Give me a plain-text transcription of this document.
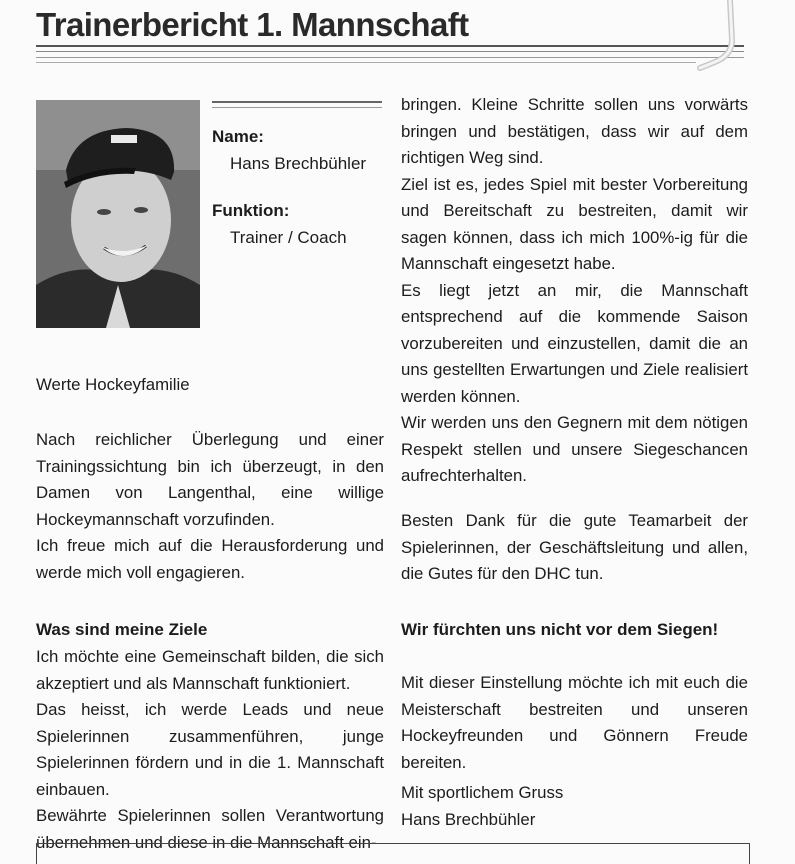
Trainerbericht 1. Mannschaft
Name:
Hans Brechbühler
Funktion:
Trainer / Coach

Werte Hockeyfamilie

Nach reichlicher Überlegung und einer Trainingssichtung bin ich überzeugt, in den Damen von Langenthal, eine willige Hockeymannschaft vorzufinden.

Ich freue mich auf die Herausforderung und werde mich voll engagieren.

Was sind meine Ziele

Ich möchte eine Gemeinschaft bilden, die sich akzeptiert und als Mannschaft funktioniert.

Das heisst, ich werde Leads und neue Spielerinnen zusammenführen, junge Spielerinnen fördern und in die 1. Mannschaft einbauen.

Bewährte Spielerinnen sollen Verantwortung übernehmen und diese in die Mannschaft ein-

bringen. Kleine Schritte sollen uns vorwärts bringen und bestätigen, dass wir auf dem richtigen Weg sind.

Ziel ist es, jedes Spiel mit bester Vorbereitung und Bereitschaft zu bestreiten, damit wir sagen können, dass ich mich 100%-ig für die Mannschaft eingesetzt habe.

Es liegt jetzt an mir, die Mannschaft entsprechend auf die kommende Saison vorzubereiten und einzustellen, damit die an uns gestellten Erwartungen und Ziele realisiert werden können.

Wir werden uns den Gegnern mit dem nötigen Respekt stellen und unsere Siegeschancen aufrechterhalten.

Besten Dank für die gute Teamarbeit der Spielerinnen, der Geschäftsleitung und allen, die Gutes für den DHC tun.

Wir fürchten uns nicht vor dem Siegen!

Mit dieser Einstellung möchte ich mit euch die Meisterschaft bestreiten und unseren Hockeyfreunden und Gönnern Freude bereiten.

Mit sportlichem Gruss

Hans Brechbühler
